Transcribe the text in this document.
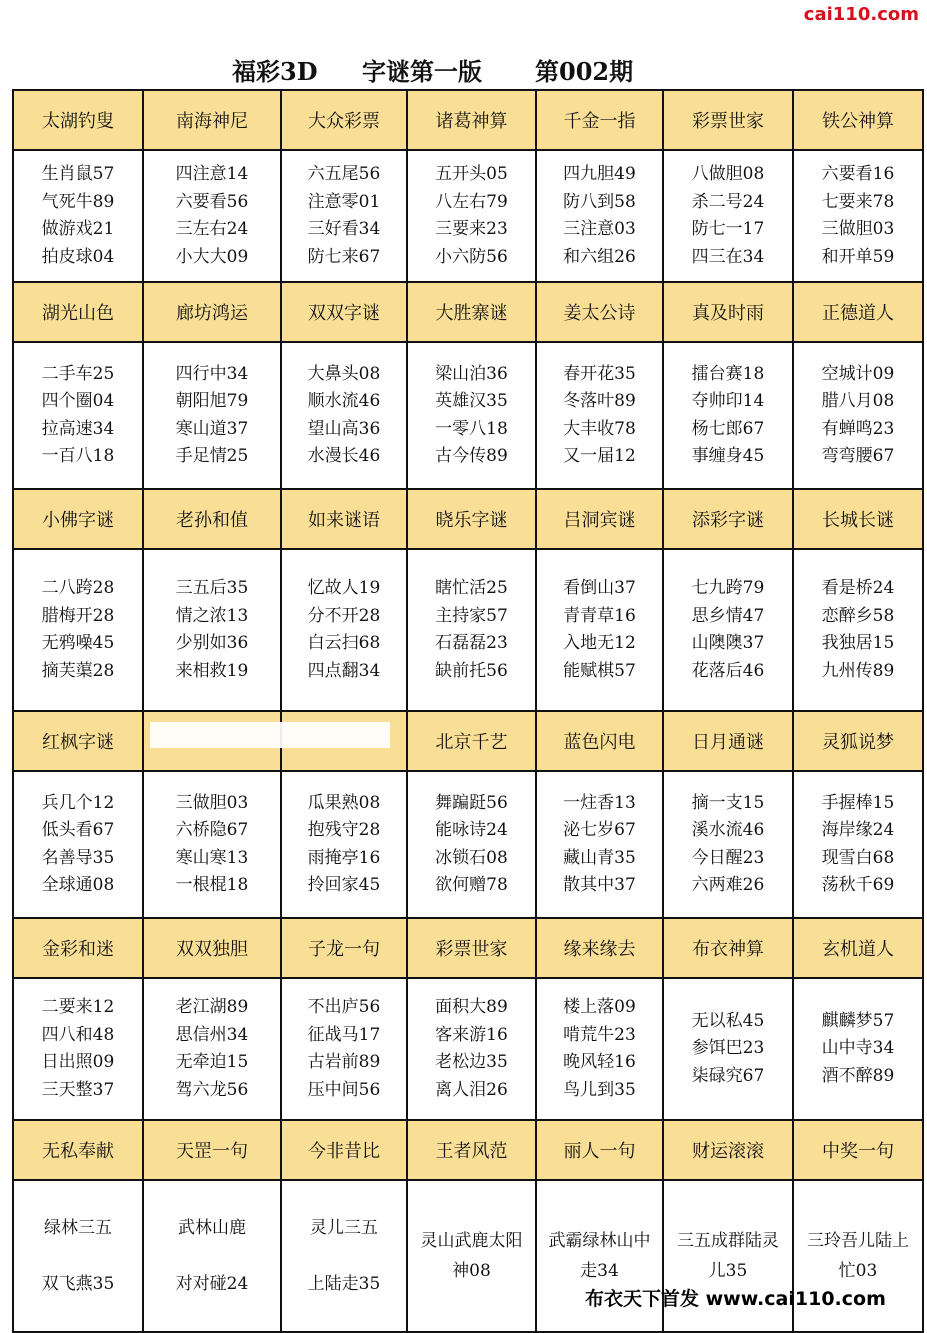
cai110.com
福彩3D 字谜第一版 第002期
太湖钓叟	南海神尼	大众彩票	诸葛神算	千金一指	彩票世家	铁公神算

生肖鼠57
气死牛89
做游戏21
拍皮球04	四注意14
六要看56
三左右24
小大大09	六五尾56
注意零01
三好看34
防七来67	五开头05
八左右79
三要来23
小六防56	四九胆49
防八到58
三注意03
和六组26	八做胆08
杀二号24
防七一17
四三在34	六要看16
七要来78
三做胆03
和开单59

湖光山色	廊坊鸿运	双双字谜	大胜寨谜	姜太公诗	真及时雨	正德道人

二手车25
四个圈04
拉高速34
一百八18	四行中34
朝阳旭79
寒山道37
手足情25	大鼻头08
顺水流46
望山高36
水漫长46	梁山泊36
英雄汉35
一零八18
古今传89	春开花35
冬落叶89
大丰收78
又一届12	擂台赛18
夺帅印14
杨七郎67
事缠身45	空城计09
腊八月08
有蝉鸣23
弯弯腰67

小佛字谜	老孙和值	如来谜语	晓乐字谜	吕洞宾谜	添彩字谜	长城长谜

二八跨28
腊梅开28
无鸦噪45
摘芙蕖28	三五后35
情之浓13
少别如36
来相救19	忆故人19
分不开28
白云扫68
四点翻34	瞎忙活25
主持家57
石磊磊23
缺前托56	看倒山37
青青草16
入地无12
能赋棋57	七九跨79
思乡情47
山隩隩37
花落后46	看是桥24
恋醉乡58
我独居15
九州传89

红枫字谜			北京千艺	蓝色闪电	日月通谜	灵狐说梦

兵几个12
低头看67
名善导35
全球通08	三做胆03
六桥隐67
寒山寒13
一根棍18	瓜果熟08
抱残守28
雨掩亭16
拎回家45	舞蹁跹56
能咏诗24
冰锁石08
欲何赠78	一炷香13
泌七岁67
藏山青35
散其中37	摘一支15
溪水流46
今日醒23
六两难26	手握棒15
海岸缘24
现雪白68
荡秋千69

金彩和迷	双双独胆	子龙一句	彩票世家	缘来缘去	布衣神算	玄机道人

二要来12
四八和48
日出照09
三天整37	老江湖89
思信州34
无牵迫15
驾六龙56	不出庐56
征战马17
古岩前89
压中间56	面积大89
客来游16
老松边35
离人泪26	楼上落09
啃荒牛23
晚风轻16
鸟儿到35	无以私45
参饵巴23
柒碌究67	麒麟梦57
山中寺34
酒不醉89

无私奉献	天罡一句	今非昔比	王者风范	丽人一句	财运滚滚	中奖一句

绿林三五
双飞燕35	武林山鹿
对对碰24	灵儿三五
上陆走35	灵山武鹿太阳神08	武霸绿林山中走34	三五成群陆灵儿35	三玲吾儿陆上忙03
布衣天下首发 www.cai110.com
